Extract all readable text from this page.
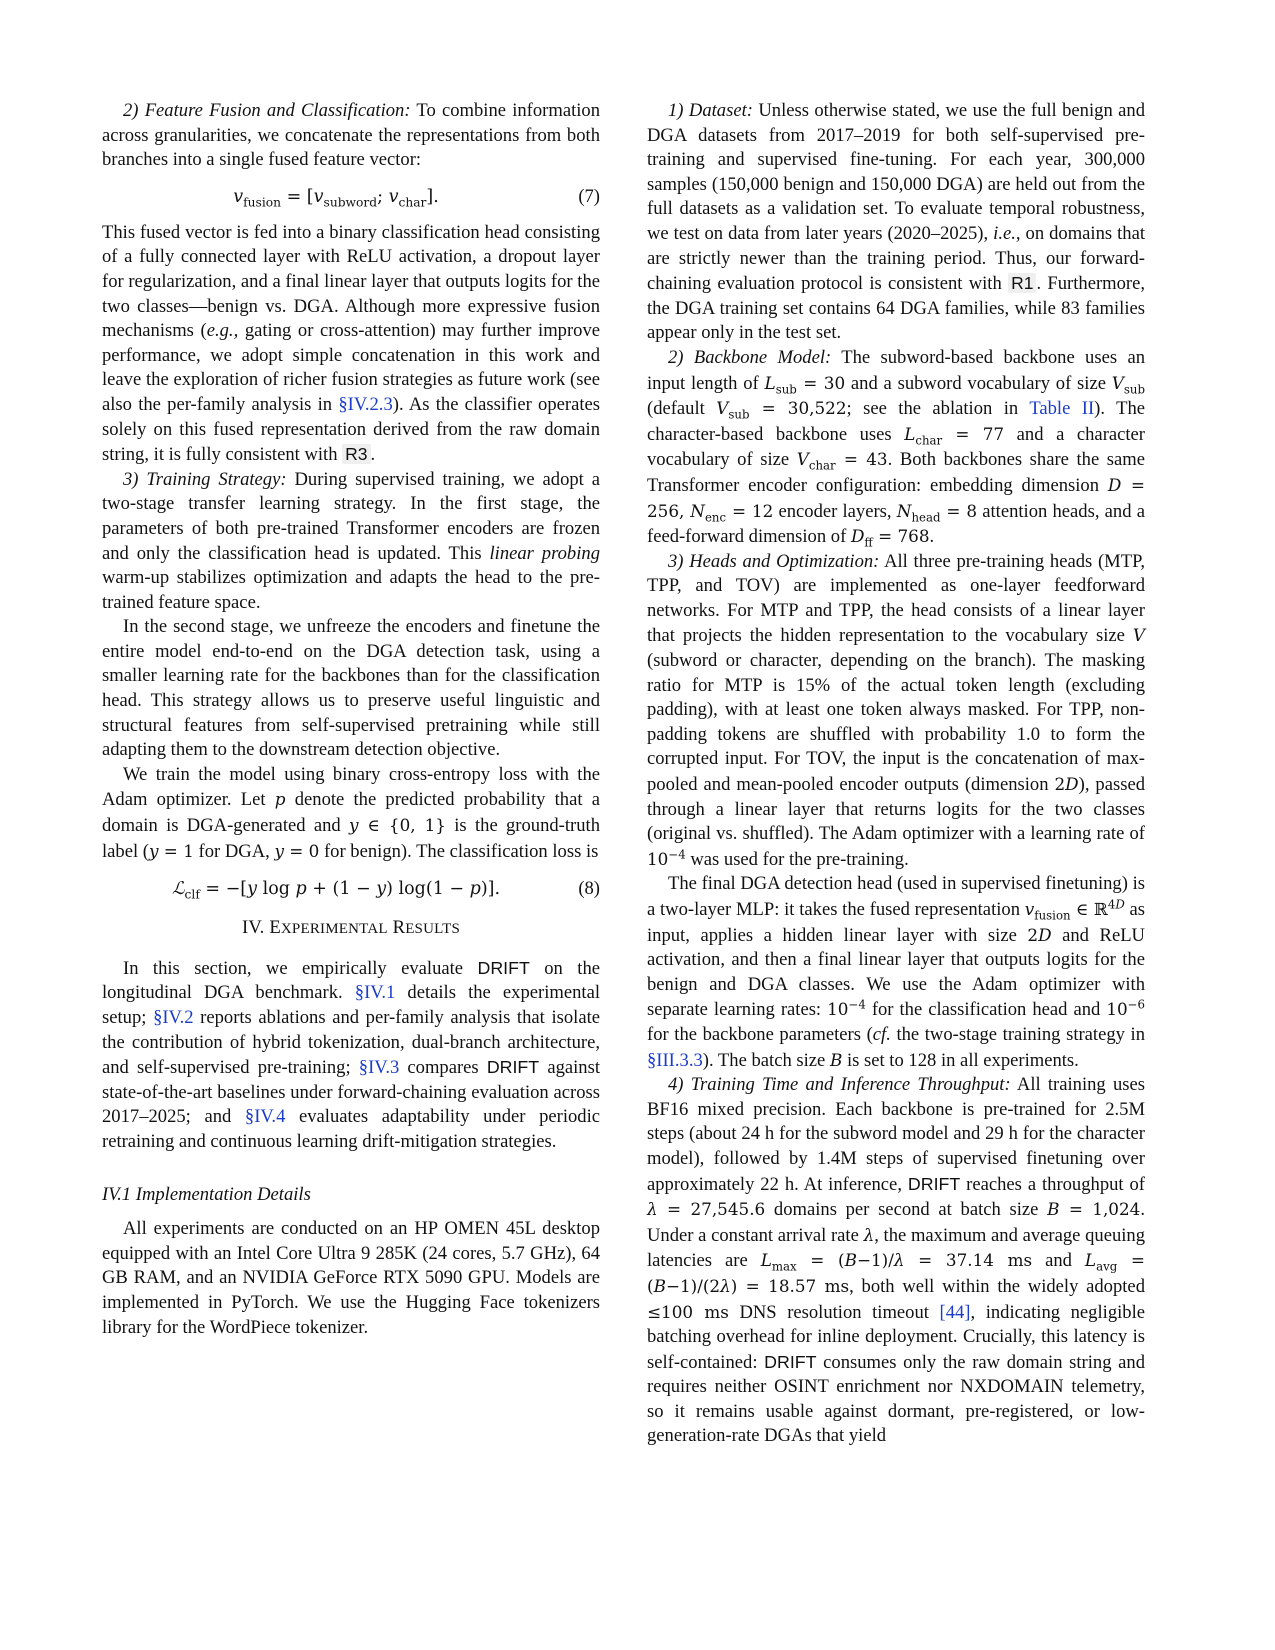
2) Feature Fusion and Classification: To combine information across granularities, we concatenate the representations from both branches into a single fused feature vector:

$v_{fusion} = [v_{subword}$; $v_{char}$].	(7)

This fused vector is fed into a binary classification head consisting of a fully connected layer with ReLU activation, a dropout layer for regularization, and a final linear layer that outputs logits for the two classes—benign vs. DGA. Although more expressive fusion mechanisms (e.g., gating or cross-attention) may further improve performance, we adopt simple concatenation in this work and leave the exploration of richer fusion strategies as future work (see also the per-family analysis in §IV.2.3). As the classifier operates solely on this fused representation derived from the raw domain string, it is fully consistent with R3 .

3) Training Strategy: During supervised training, we adopt a two-stage transfer learning strategy. In the first stage, the parameters of both pre-trained Transformer encoders are frozen and only the classification head is updated. This linear probing warm-up stabilizes optimization and adapts the head to the pre-trained feature space.

In the second stage, we unfreeze the encoders and finetune the entire model end-to-end on the DGA detection task, using a smaller learning rate for the backbones than for the classification head. This strategy allows us to preserve useful linguistic and structural features from self-supervised pretraining while still adapting them to the downstream detection objective.

We train the model using binary cross-entropy loss with the Adam optimizer. Let p denote the predicted probability that a domain is DGA-generated and y ∈ {0, 1} is the ground-truth label (y = 1 for DGA, y = 0 for benign). The classification loss is

ℒ$_{clf}$ = −[y log p + (1 − y) log(1 − p)].	(8)
IV. EXPERIMENTAL RESULTS

In this section, we empirically evaluate DRIFT on the longitudinal DGA benchmark. §IV.1 details the experimental setup; §IV.2 reports ablations and per-family analysis that isolate the contribution of hybrid tokenization, dual-branch architecture, and self-supervised pre-training; §IV.3 compares DRIFT against state-of-the-art baselines under forward-chaining evaluation across 2017–2025; and §IV.4 evaluates adaptability under periodic retraining and continuous learning drift-mitigation strategies.

IV.1 Implementation Details

All experiments are conducted on an HP OMEN 45L desktop equipped with an Intel Core Ultra 9 285K (24 cores, 5.7 GHz), 64 GB RAM, and an NVIDIA GeForce RTX 5090 GPU. Models are implemented in PyTorch. We use the Hugging Face tokenizers library for the WordPiece tokenizer.

1) Dataset: Unless otherwise stated, we use the full benign and DGA datasets from 2017–2019 for both self-supervised pre-training and supervised fine-tuning. For each year, 300,000 samples (150,000 benign and 150,000 DGA) are held out from the full datasets as a validation set. To evaluate temporal robustness, we test on data from later years (2020–2025), i.e., on domains that are strictly newer than the training period. Thus, our forward-chaining evaluation protocol is consistent with R1 . Furthermore, the DGA training set contains 64 DGA families, while 83 families appear only in the test set.

2) Backbone Model: The subword-based backbone uses an input length of $L_{sub} = 30$ and a subword vocabulary of size $V_{sub}$ (default $V_{sub} = 30,522$; see the ablation in Table II). The character-based backbone uses $L_{char} = 77$ and a character vocabulary of size $V_{char} = 43$. Both backbones share the same Transformer encoder configuration: embedding dimension D = 256, $N_{enc} = 12$ encoder layers, $N_{head} = 8$ attention heads, and a feed-forward dimension of $D_{ff} = 768$.

3) Heads and Optimization: All three pre-training heads (MTP, TPP, and TOV) are implemented as one-layer feedforward networks. For MTP and TPP, the head consists of a linear layer that projects the hidden representation to the vocabulary size V (subword or character, depending on the branch). The masking ratio for MTP is 15% of the actual token length (excluding padding), with at least one token always masked. For TPP, non-padding tokens are shuffled with probability 1.0 to form the corrupted input. For TOV, the input is the concatenation of max-pooled and mean-pooled encoder outputs (dimension 2D), passed through a linear layer that returns logits for the two classes (original vs. shuffled). The Adam optimizer with a learning rate of $10^{-4}$ was used for the pre-training.

The final DGA detection head (used in supervised finetuning) is a two-layer MLP: it takes the fused representation $v_{fusion}$ ∈ ℝ$^{4D}$ as input, applies a hidden linear layer with size 2D and ReLU activation, and then a final linear layer that outputs logits for the benign and DGA classes. We use the Adam optimizer with separate learning rates: $10^{-4}$ for the classification head and $10^{-6}$ for the backbone parameters (cf. the two-stage training strategy in §III.3.3). The batch size B is set to 128 in all experiments.

4) Training Time and Inference Throughput: All training uses BF16 mixed precision. Each backbone is pre-trained for 2.5M steps (about 24 h for the subword model and 29 h for the character model), followed by 1.4M steps of supervised finetuning over approximately 22 h. At inference, DRIFT reaches a throughput of λ = 27,545.6 domains per second at batch size B = 1,024. Under a constant arrival rate λ, the maximum and average queuing latencies are $L_{max} = (B-1)/\lambda = 37.14$ ms and $L_{avg} = (B-1)/(2\lambda) = 18.57$ ms, both well within the widely adopted ≤100 ms DNS resolution timeout [44], indicating negligible batching overhead for inline deployment. Crucially, this latency is self-contained: DRIFT consumes only the raw domain string and requires neither OSINT enrichment nor NXDOMAIN telemetry, so it remains usable against dormant, pre-registered, or low-generation-rate DGAs that yield
